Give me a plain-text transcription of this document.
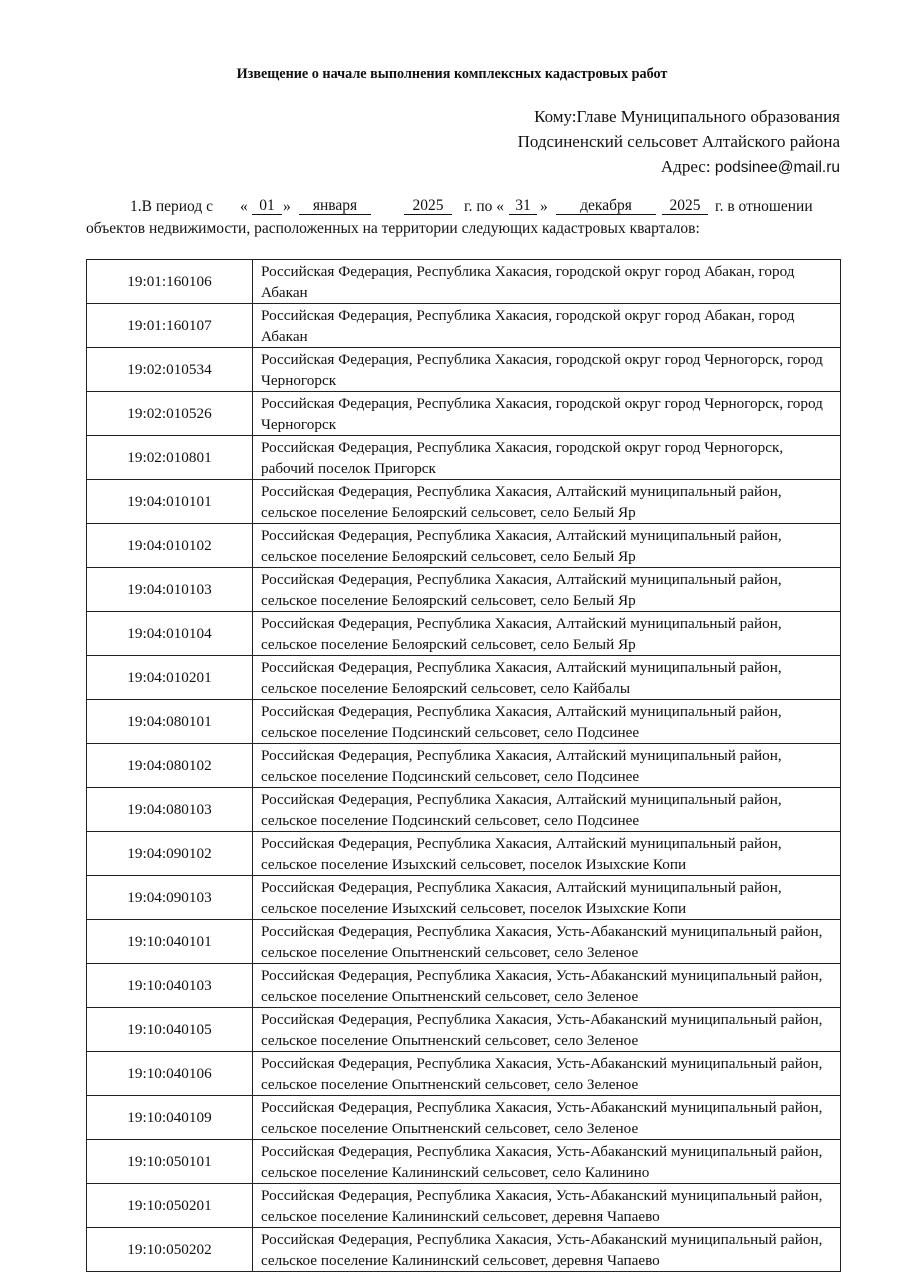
Извещение о начале выполнения комплексных кадастровых работ
Кому:Главе Муниципального образования
Подсиненский сельсовет Алтайского района
Адрес: podsinee@mail.ru
1.В период с « 01 »	января	2025	г. по « 31 »	декабря	2025 г. в отношении
объектов недвижимости, расположенных на территории следующих кадастровых кварталов:
19:01:160106	Российская Федерация, Республика Хакасия, городской округ город Абакан, город Абакан
19:01:160107	Российская Федерация, Республика Хакасия, городской округ город Абакан, город Абакан
19:02:010534	Российская Федерация, Республика Хакасия, городской округ город Черногорск, город Черногорск
19:02:010526	Российская Федерация, Республика Хакасия, городской округ город Черногорск, город Черногорск
19:02:010801	Российская Федерация, Республика Хакасия, городской округ город Черногорск, рабочий поселок Пригорск
19:04:010101	Российская Федерация, Республика Хакасия, Алтайский муниципальный район, сельское поселение Белоярский сельсовет, село Белый Яр
19:04:010102	Российская Федерация, Республика Хакасия, Алтайский муниципальный район, сельское поселение Белоярский сельсовет, село Белый Яр
19:04:010103	Российская Федерация, Республика Хакасия, Алтайский муниципальный район, сельское поселение Белоярский сельсовет, село Белый Яр
19:04:010104	Российская Федерация, Республика Хакасия, Алтайский муниципальный район, сельское поселение Белоярский сельсовет, село Белый Яр
19:04:010201	Российская Федерация, Республика Хакасия, Алтайский муниципальный район, сельское поселение Белоярский сельсовет, село Кайбалы
19:04:080101	Российская Федерация, Республика Хакасия, Алтайский муниципальный район, сельское поселение Подсинский сельсовет, село Подсинее
19:04:080102	Российская Федерация, Республика Хакасия, Алтайский муниципальный район, сельское поселение Подсинский сельсовет, село Подсинее
19:04:080103	Российская Федерация, Республика Хакасия, Алтайский муниципальный район, сельское поселение Подсинский сельсовет, село Подсинее
19:04:090102	Российская Федерация, Республика Хакасия, Алтайский муниципальный район, сельское поселение Изыхский сельсовет, поселок Изыхские Копи
19:04:090103	Российская Федерация, Республика Хакасия, Алтайский муниципальный район, сельское поселение Изыхский сельсовет, поселок Изыхские Копи
19:10:040101	Российская Федерация, Республика Хакасия, Усть-Абаканский муниципальный район, сельское поселение Опытненский сельсовет, село Зеленое
19:10:040103	Российская Федерация, Республика Хакасия, Усть-Абаканский муниципальный район, сельское поселение Опытненский сельсовет, село Зеленое
19:10:040105	Российская Федерация, Республика Хакасия, Усть-Абаканский муниципальный район, сельское поселение Опытненский сельсовет, село Зеленое
19:10:040106	Российская Федерация, Республика Хакасия, Усть-Абаканский муниципальный район, сельское поселение Опытненский сельсовет, село Зеленое
19:10:040109	Российская Федерация, Республика Хакасия, Усть-Абаканский муниципальный район, сельское поселение Опытненский сельсовет, село Зеленое
19:10:050101	Российская Федерация, Республика Хакасия, Усть-Абаканский муниципальный район, сельское поселение Калининский сельсовет, село Калинино
19:10:050201	Российская Федерация, Республика Хакасия, Усть-Абаканский муниципальный район, сельское поселение Калининский сельсовет, деревня Чапаево
19:10:050202	Российская Федерация, Республика Хакасия, Усть-Абаканский муниципальный район, сельское поселение Калининский сельсовет, деревня Чапаево
